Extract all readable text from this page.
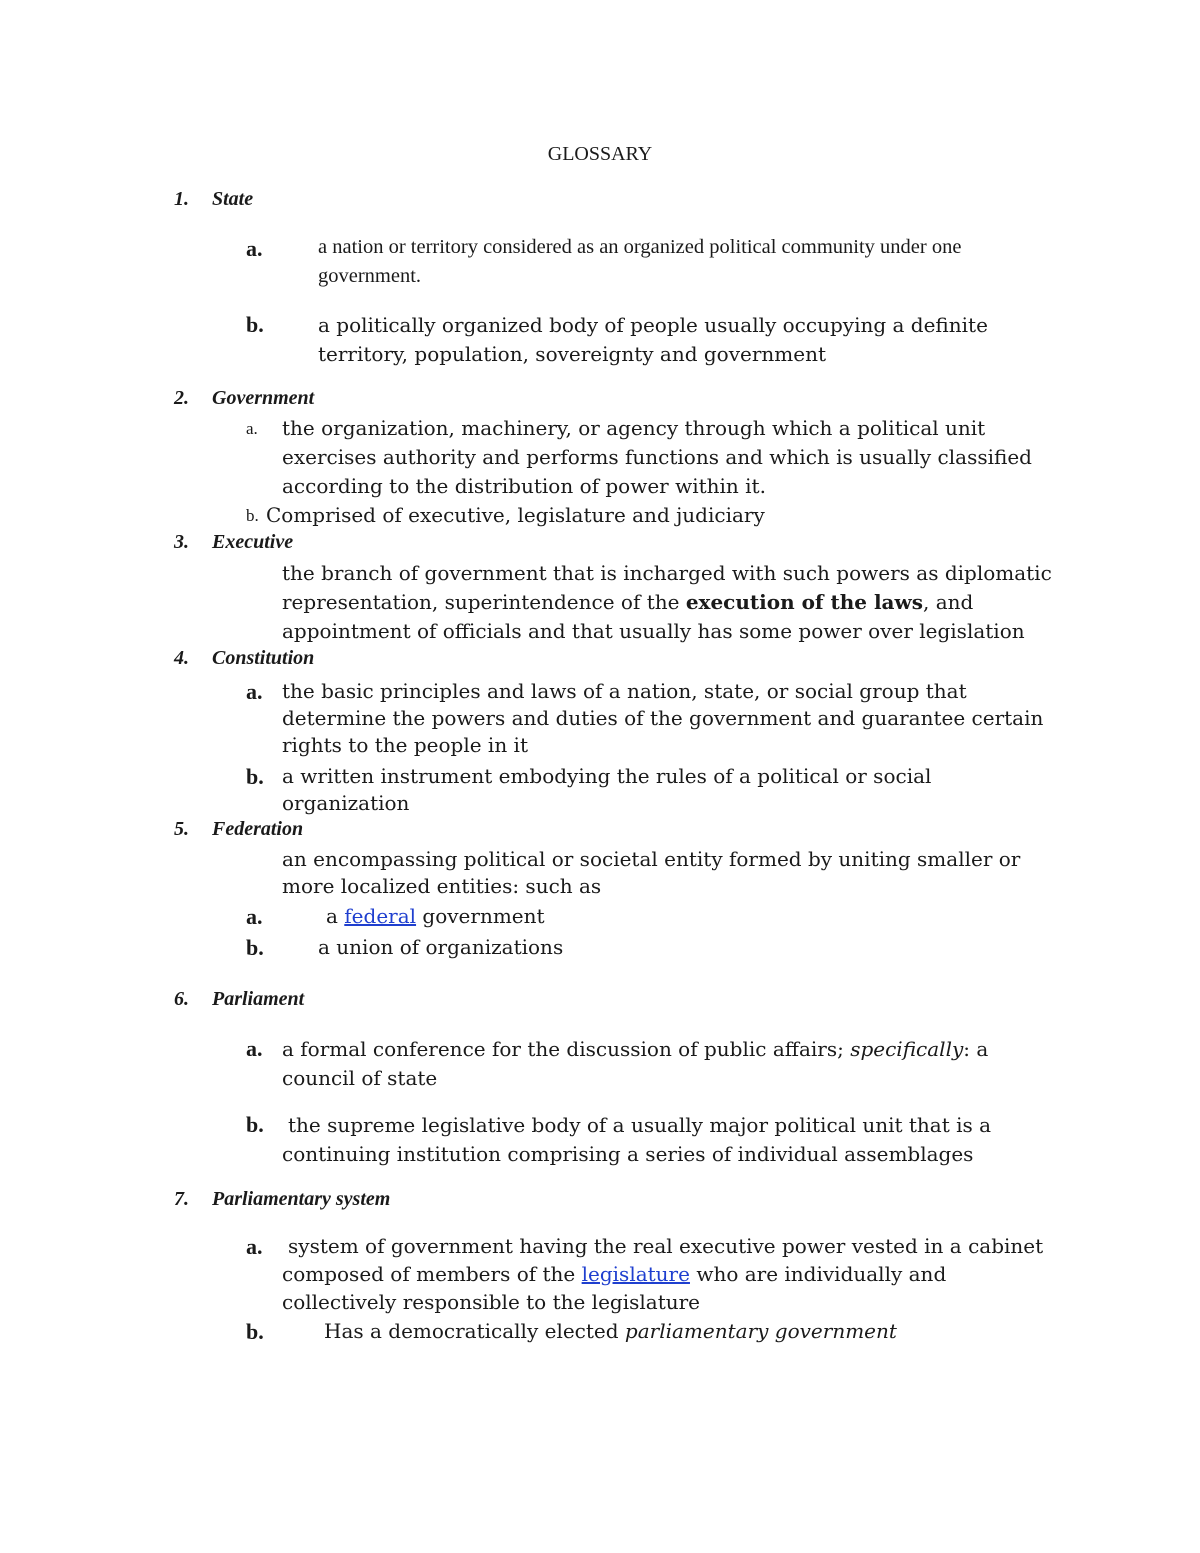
GLOSSARY
1. State
a.	a nation or territory considered as an organized political community under one
government.
b.	a politically organized body of people usually occupying a definite
territory, population, sovereignty and government
2. Government
a. the organization, machinery, or agency through which a political unit
exercises authority and performs functions and which is usually classified
according to the distribution of power within it.
b. Comprised of executive, legislature and judiciary
3. Executive
the branch of government that is incharged with such powers as diplomatic
representation, superintendence of the execution of the laws, and
appointment of officials and that usually has some power over legislation
4. Constitution
a. the basic principles and laws of a nation, state, or social group that
determine the powers and duties of the government and guarantee certain
rights to the people in it
b. a written instrument embodying the rules of a political or social
organization
5. Federation
an encompassing political or societal entity formed by uniting smaller or
more localized entities: such as
a.	a federal government
b.	a union of organizations
6. Parliament
a. a formal conference for the discussion of public affairs; specifically: a
council of state
b. the supreme legislative body of a usually major political unit that is a
continuing institution comprising a series of individual assemblages
7. Parliamentary system
a. system of government having the real executive power vested in a cabinet
composed of members of the legislature who are individually and
collectively responsible to the legislature
b.	Has a democratically elected parliamentary government
